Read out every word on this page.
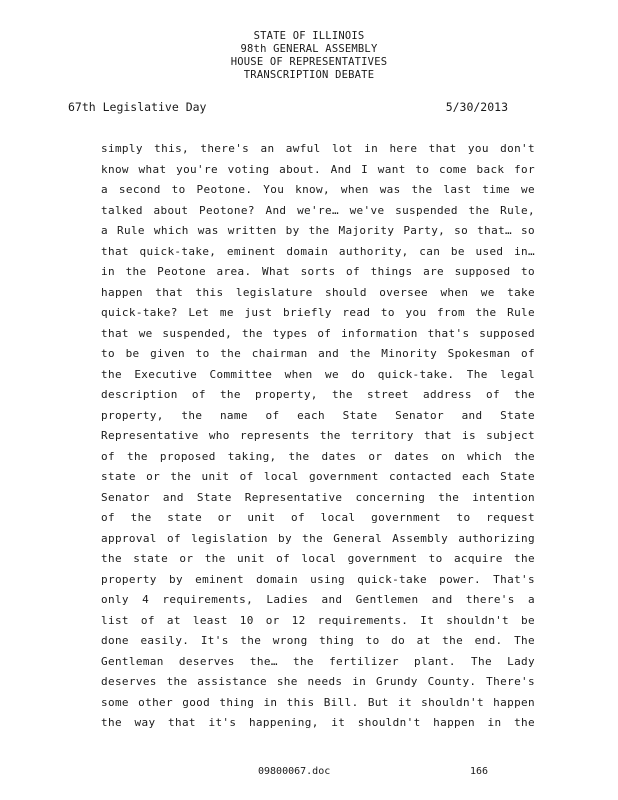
STATE OF ILLINOIS
98th GENERAL ASSEMBLY
HOUSE OF REPRESENTATIVES
TRANSCRIPTION DEBATE
67th Legislative Day	5/30/2013
simply this, there's an awful lot in here that you don't
know what you're voting about. And I want to come back for
a second to Peotone. You know, when was the last time we
talked about Peotone? And we're… we've suspended the Rule,
a Rule which was written by the Majority Party, so that… so
that quick-take, eminent domain authority, can be used in…
in the Peotone area. What sorts of things are supposed to
happen that this legislature should oversee when we take
quick-take? Let me just briefly read to you from the Rule
that we suspended, the types of information that's supposed
to be given to the chairman and the Minority Spokesman of
the Executive Committee when we do quick-take. The legal
description of the property, the street address of the
property, the name of each State Senator and State
Representative who represents the territory that is subject
of the proposed taking, the dates or dates on which the
state or the unit of local government contacted each State
Senator and State Representative concerning the intention
of the state or unit of local government to request
approval of legislation by the General Assembly authorizing
the state or the unit of local government to acquire the
property by eminent domain using quick-take power. That's
only 4 requirements, Ladies and Gentlemen and there's a
list of at least 10 or 12 requirements. It shouldn't be
done easily. It's the wrong thing to do at the end. The
Gentleman deserves the… the fertilizer plant. The Lady
deserves the assistance she needs in Grundy County. There's
some other good thing in this Bill. But it shouldn't happen
the way that it's happening, it shouldn't happen in the
09800067.doc	166
